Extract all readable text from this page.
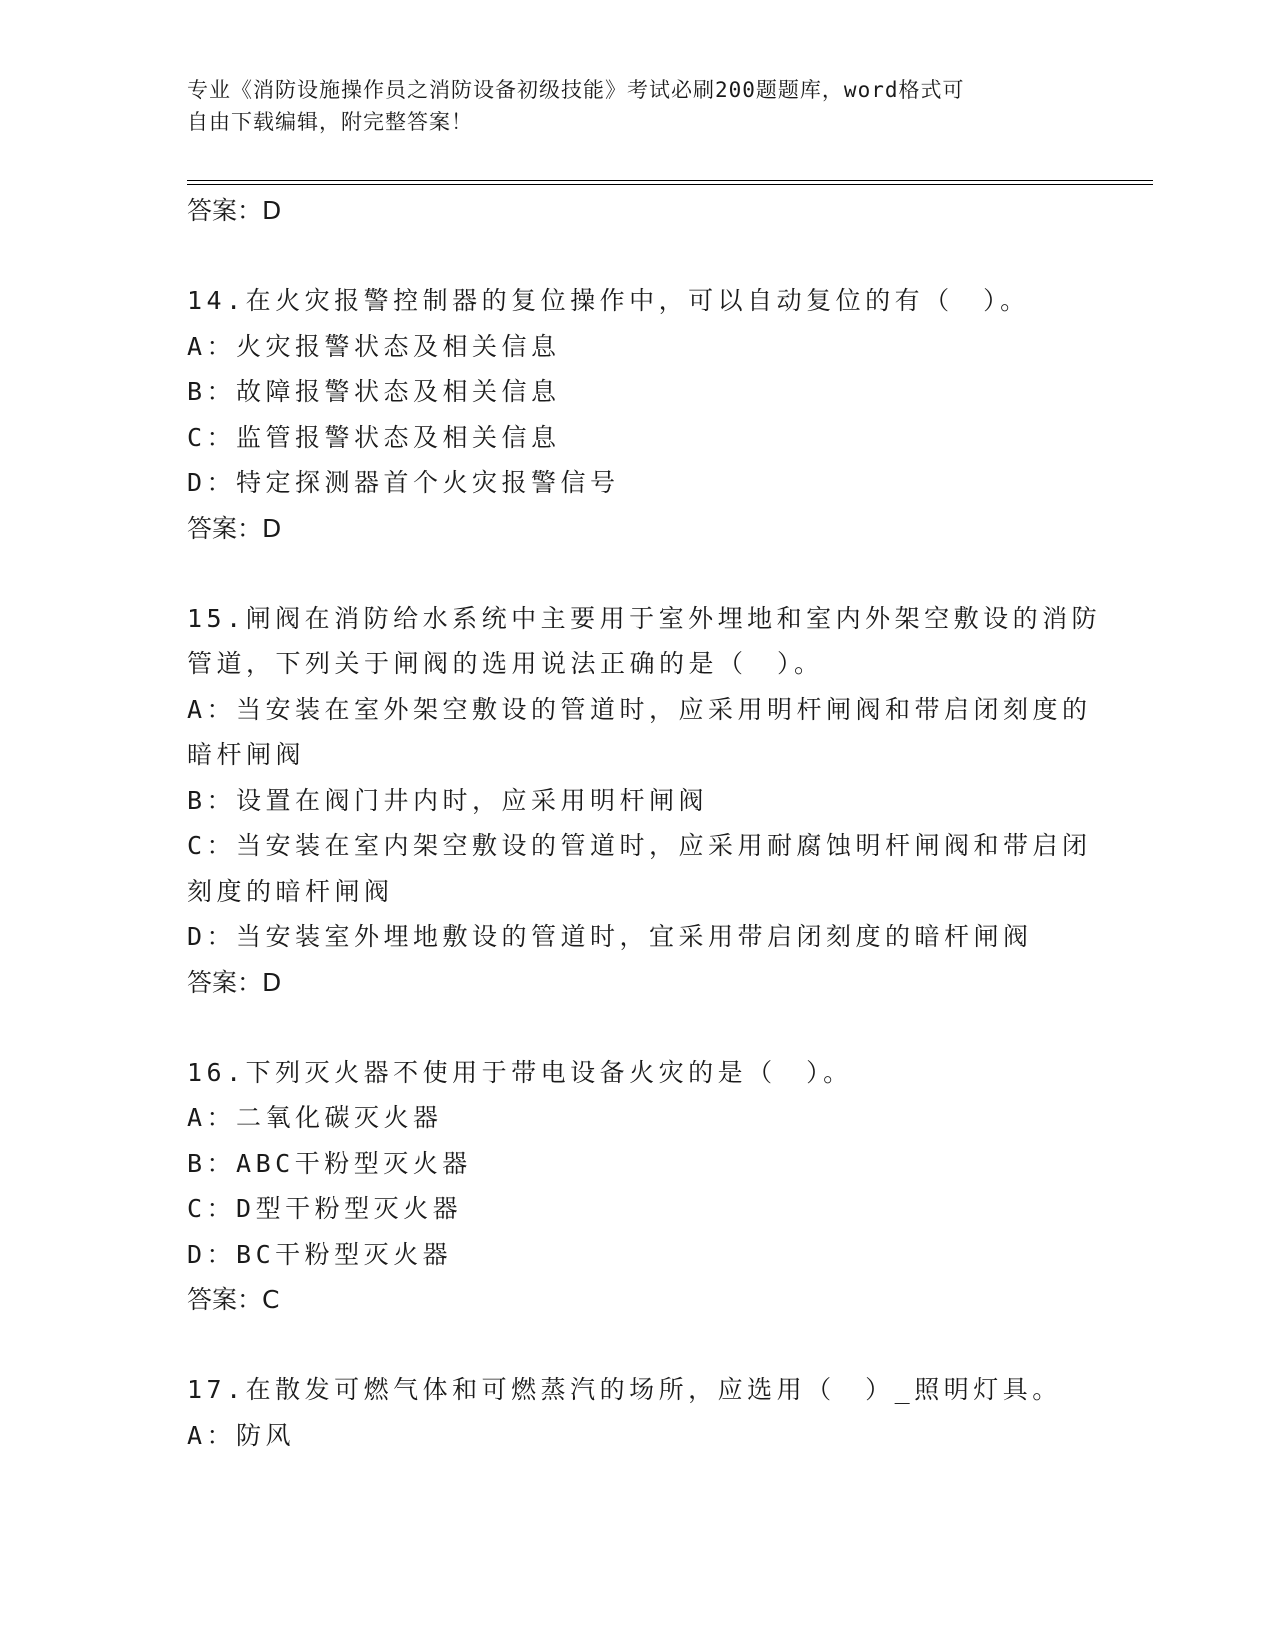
专业《消防设施操作员之消防设备初级技能》考试必刷200题题库，word格式可
自由下载编辑，附完整答案！
答案：D
14.在火灾报警控制器的复位操作中，可以自动复位的有（　）。
A：火灾报警状态及相关信息
B：故障报警状态及相关信息
C：监管报警状态及相关信息
D：特定探测器首个火灾报警信号
答案：D
15.闸阀在消防给水系统中主要用于室外埋地和室内外架空敷设的消防
管道，下列关于闸阀的选用说法正确的是（　）。
A：当安装在室外架空敷设的管道时，应采用明杆闸阀和带启闭刻度的
暗杆闸阀
B：设置在阀门井内时，应采用明杆闸阀
C：当安装在室内架空敷设的管道时，应采用耐腐蚀明杆闸阀和带启闭
刻度的暗杆闸阀
D：当安装室外埋地敷设的管道时，宜采用带启闭刻度的暗杆闸阀
答案：D
16.下列灭火器不使用于带电设备火灾的是（　）。
A：二氧化碳灭火器
B：ABC干粉型灭火器
C：D型干粉型灭火器
D：BC干粉型灭火器
答案：C
17.在散发可燃气体和可燃蒸汽的场所，应选用（　）_照明灯具。
A：防风
